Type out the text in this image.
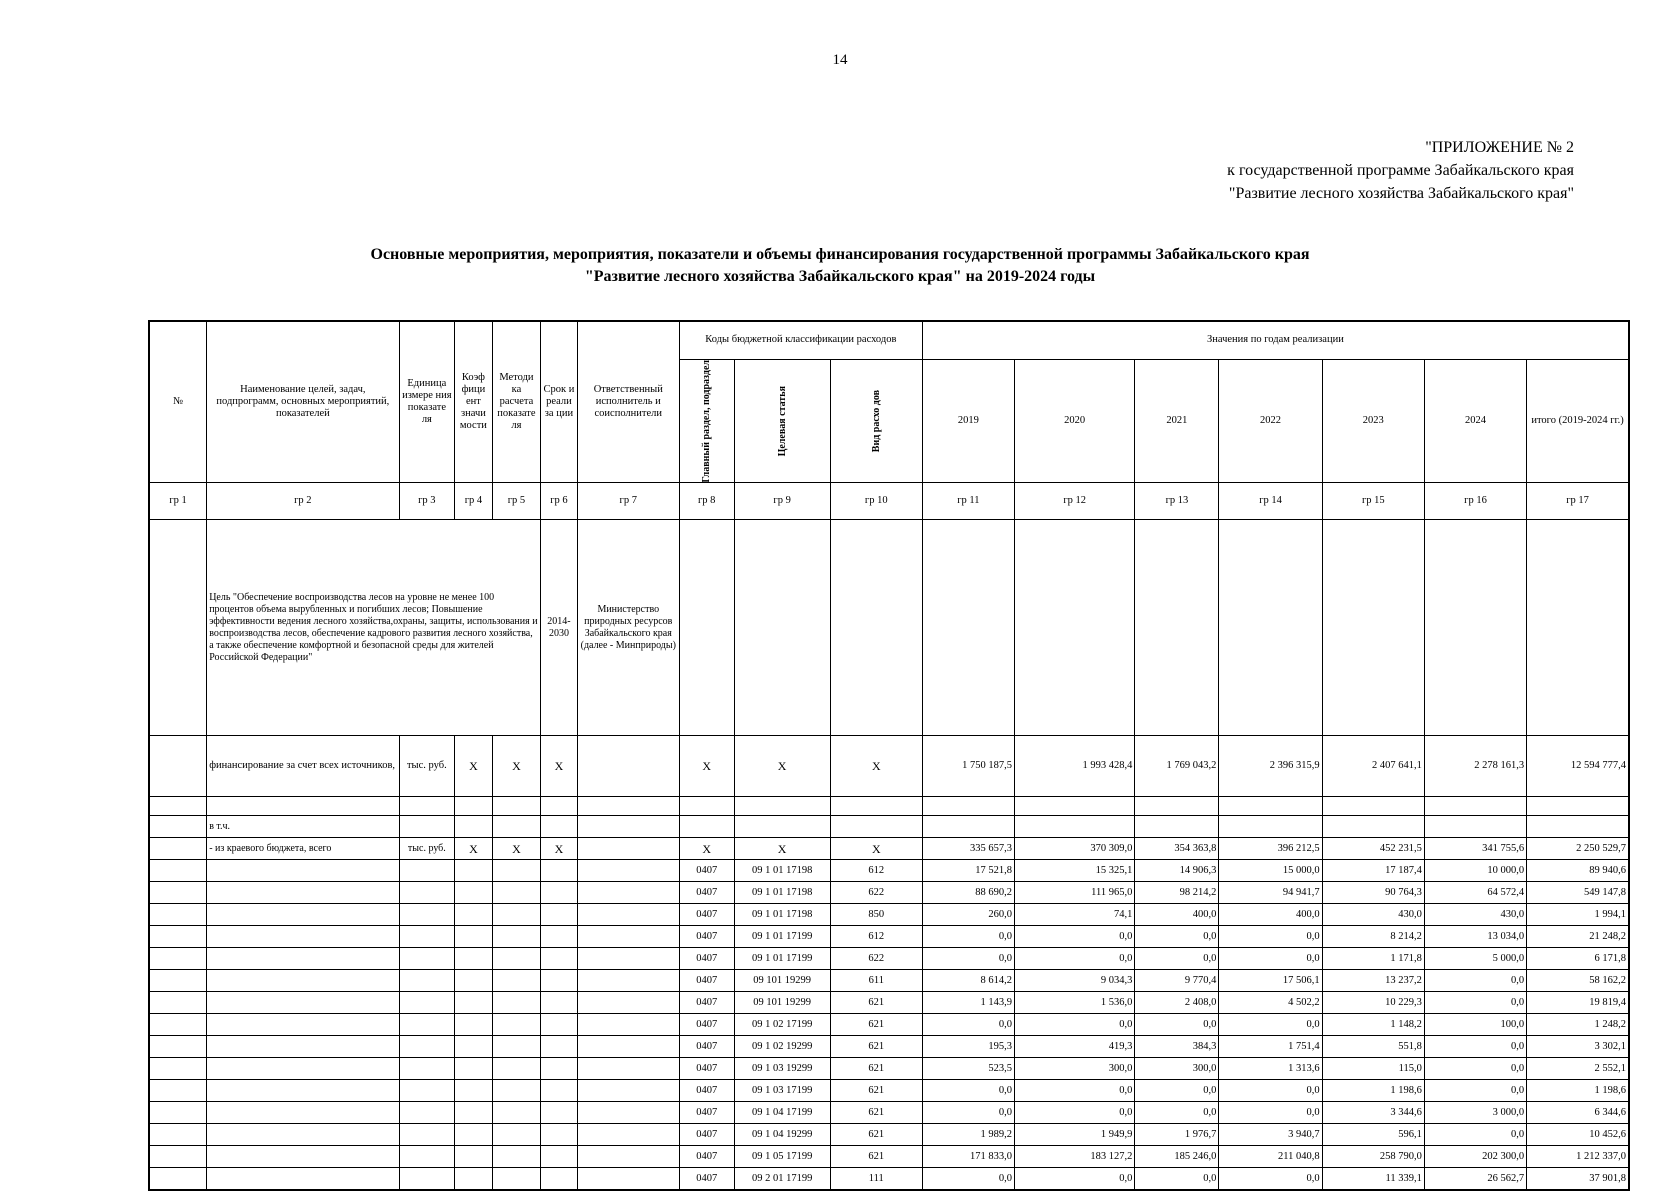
14
"ПРИЛОЖЕНИЕ № 2
к государственной программе Забайкальского края
"Развитие лесного хозяйства Забайкальского края"
Основные мероприятия, мероприятия, показатели и объемы финансирования государственной программы Забайкальского края
"Развитие лесного хозяйства Забайкальского края" на 2019-2024 годы
№	Наименование целей, задач, подпрограмм, основных мероприятий, показателей	Единица измере ния показате ля	Коэф фици ент значи мости	Методи ка расчета показате ля	Срок и реали за ции	Ответственный исполнитель и соисполнители	Коды бюджетной классификации расходов			Значения по годам реализации						

							Главный раздел, подраздел	Целевая статья	Вид расхо дов	2019	2020	2021	2022	2023	2024	итого (2019-2024 гг.)
гр 1	гр 2	гр 3	гр 4	гр 5	гр 6	гр 7	гр 8	гр 9	гр 10	гр 11	гр 12	гр 13	гр 14	гр 15	гр 16	гр 17
	Цель "Обеспечение воспроизводства лесов на уровне не менее 100 процентов объема вырубленных и погибших лесов; Повышение эффективности ведения лесного хозяйства,охраны, защиты, использования и воспроизводства лесов, обеспечение кадрового развития лесного хозяйства, а также обеспечение комфортной и безопасной среды для жителей Российской Федерации"				2014-2030	Министерство природных ресурсов Забайкальского края (далее - Минприроды)										
	финансирование за счет всех источников,	тыс. руб.	X	X	X		X	X	X	1 750 187,5	1 993 428,4	1 769 043,2	2 396 315,9	2 407 641,1	2 278 161,3	12 594 777,4

	в т.ч.															
	- из краевого бюджета, всего	тыс. руб.	X	X	X		X	X	X	335 657,3	370 309,0	354 363,8	396 212,5	452 231,5	341 755,6	2 250 529,7
							0407	09 1 01 17198	612	17 521,8	15 325,1	14 906,3	15 000,0	17 187,4	10 000,0	89 940,6
							0407	09 1 01 17198	622	88 690,2	111 965,0	98 214,2	94 941,7	90 764,3	64 572,4	549 147,8
							0407	09 1 01 17198	850	260,0	74,1	400,0	400,0	430,0	430,0	1 994,1
							0407	09 1 01 17199	612	0,0	0,0	0,0	0,0	8 214,2	13 034,0	21 248,2
							0407	09 1 01 17199	622	0,0	0,0	0,0	0,0	1 171,8	5 000,0	6 171,8
							0407	09 101 19299	611	8 614,2	9 034,3	9 770,4	17 506,1	13 237,2	0,0	58 162,2
							0407	09 101 19299	621	1 143,9	1 536,0	2 408,0	4 502,2	10 229,3	0,0	19 819,4
							0407	09 1 02 17199	621	0,0	0,0	0,0	0,0	1 148,2	100,0	1 248,2
							0407	09 1 02 19299	621	195,3	419,3	384,3	1 751,4	551,8	0,0	3 302,1
							0407	09 1 03 19299	621	523,5	300,0	300,0	1 313,6	115,0	0,0	2 552,1
							0407	09 1 03 17199	621	0,0	0,0	0,0	0,0	1 198,6	0,0	1 198,6
							0407	09 1 04 17199	621	0,0	0,0	0,0	0,0	3 344,6	3 000,0	6 344,6
							0407	09 1 04 19299	621	1 989,2	1 949,9	1 976,7	3 940,7	596,1	0,0	10 452,6
							0407	09 1 05 17199	621	171 833,0	183 127,2	185 246,0	211 040,8	258 790,0	202 300,0	1 212 337,0
							0407	09 2 01 17199	111	0,0	0,0	0,0	0,0	11 339,1	26 562,7	37 901,8
